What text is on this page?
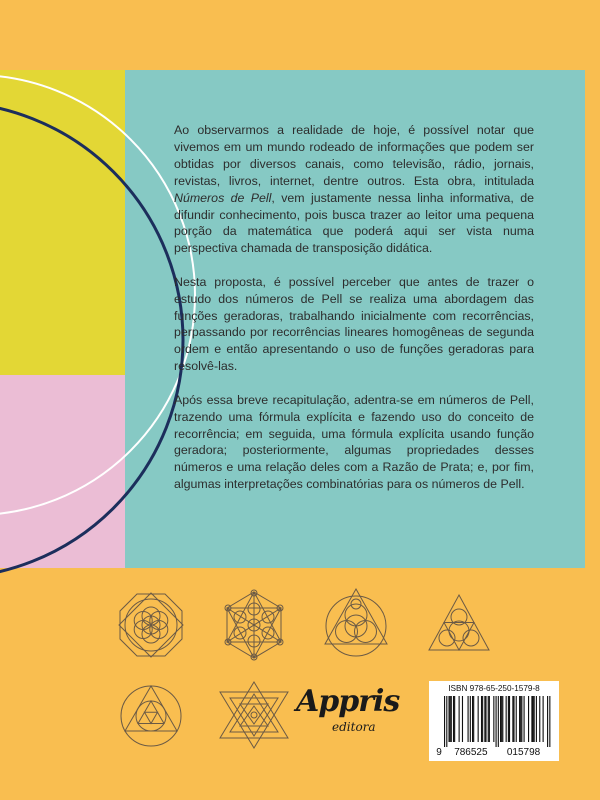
Ao observarmos a realidade de hoje, é possível notar que vivemos em um mundo rodeado de informações que podem ser obtidas por diversos canais, como televisão, rádio, jornais, revistas, livros, internet, dentre outros. Esta obra, intitulada Números de Pell, vem justamente nessa linha informativa, de difundir conhecimento, pois busca trazer ao leitor uma pequena porção da matemática que poderá aqui ser vista numa perspectiva chamada de transposição didática.

Nesta proposta, é possível perceber que antes de trazer o estudo dos números de Pell se realiza uma abordagem das funções geradoras, trabalhando inicialmente com recorrências, perpassando por recorrências lineares homogêneas de segunda ordem e então apresentando o uso de funções geradoras para resolvê-las.

Após essa breve recapitulação, adentra-se em números de Pell, trazendo uma fórmula explícita e fazendo uso do conceito de recorrência; em seguida, uma fórmula explícita usando função geradora; posteriormente, algumas propriedades desses números e uma relação deles com a Razão de Prata; e, por fim, algumas interpretações combinatórias para os números de Pell.

Appris
editora
ISBN 978-65-250-1579-8
9 786525 015798
